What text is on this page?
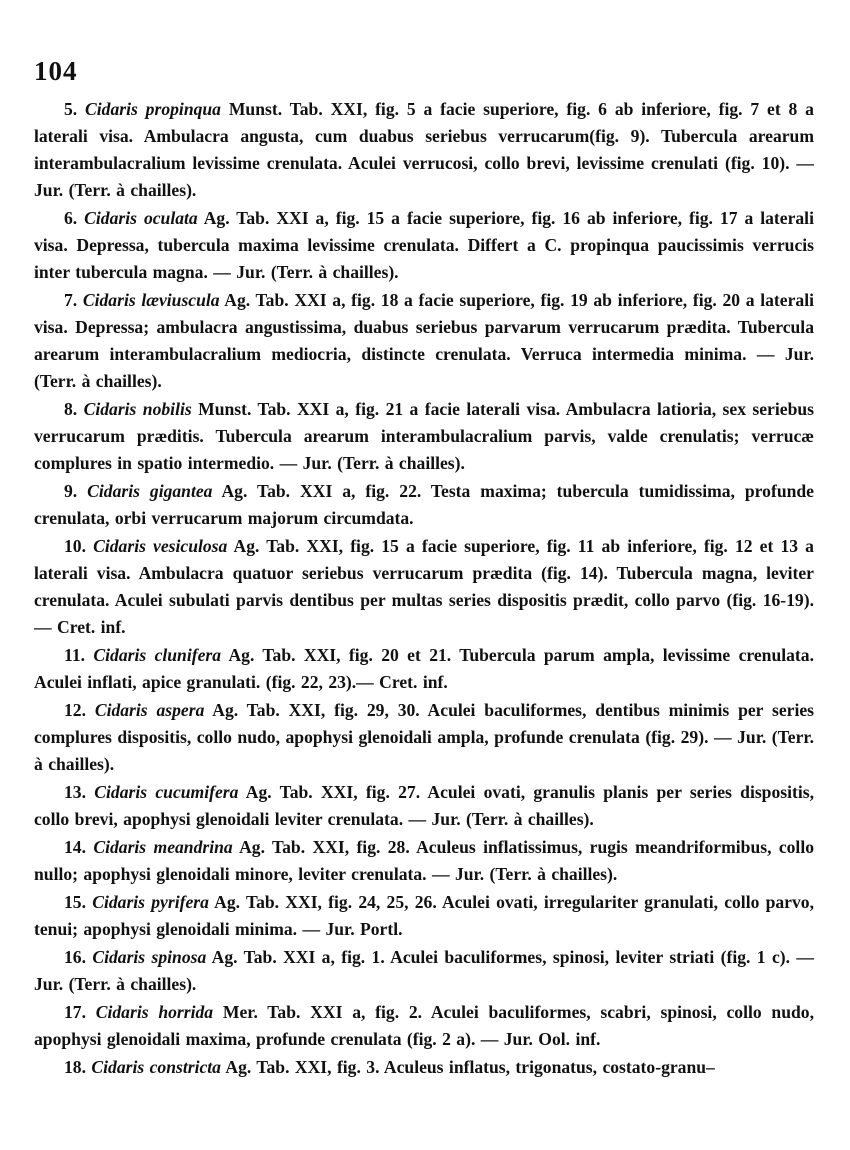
104

5. Cidaris propinqua Munst. Tab. XXI, fig. 5 a facie superiore, fig. 6 ab inferiore, fig. 7 et 8 a laterali visa. Ambulacra angusta, cum duabus seriebus verrucarum(fig. 9). Tubercula arearum interambulacralium levissime crenulata. Aculei verrucosi, collo brevi, levissime crenulati (fig. 10). — Jur. (Terr. à chailles).

6. Cidaris oculata Ag. Tab. XXI a, fig. 15 a facie superiore, fig. 16 ab inferiore, fig. 17 a laterali visa. Depressa, tubercula maxima levissime crenulata. Differt a C. propinqua paucissimis verrucis inter tubercula magna. — Jur. (Terr. à chailles).

7. Cidaris læviuscula Ag. Tab. XXI a, fig. 18 a facie superiore, fig. 19 ab inferiore, fig. 20 a laterali visa. Depressa; ambulacra angustissima, duabus seriebus parvarum verrucarum prædita. Tubercula arearum interambulacralium mediocria, distincte crenulata. Verruca intermedia minima. — Jur. (Terr. à chailles).

8. Cidaris nobilis Munst. Tab. XXI a, fig. 21 a facie laterali visa. Ambulacra latioria, sex seriebus verrucarum præditis. Tubercula arearum interambulacralium parvis, valde crenulatis; verrucæ complures in spatio intermedio. — Jur. (Terr. à chailles).

9. Cidaris gigantea Ag. Tab. XXI a, fig. 22. Testa maxima; tubercula tumidissima, profunde crenulata, orbi verrucarum majorum circumdata.

10. Cidaris vesiculosa Ag. Tab. XXI, fig. 15 a facie superiore, fig. 11 ab inferiore, fig. 12 et 13 a laterali visa. Ambulacra quatuor seriebus verrucarum prædita (fig. 14). Tubercula magna, leviter crenulata. Aculei subulati parvis dentibus per multas series dispositis prædit, collo parvo (fig. 16-19). — Cret. inf.

11. Cidaris clunifera Ag. Tab. XXI, fig. 20 et 21. Tubercula parum ampla, levissime crenulata. Aculei inflati, apice granulati. (fig. 22, 23).— Cret. inf.

12. Cidaris aspera Ag. Tab. XXI, fig. 29, 30. Aculei baculiformes, dentibus minimis per series complures dispositis, collo nudo, apophysi glenoidali ampla, profunde crenulata (fig. 29). — Jur. (Terr. à chailles).

13. Cidaris cucumifera Ag. Tab. XXI, fig. 27. Aculei ovati, granulis planis per series dispositis, collo brevi, apophysi glenoidali leviter crenulata. — Jur. (Terr. à chailles).

14. Cidaris meandrina Ag. Tab. XXI, fig. 28. Aculeus inflatissimus, rugis meandriformibus, collo nullo; apophysi glenoidali minore, leviter crenulata. — Jur. (Terr. à chailles).

15. Cidaris pyrifera Ag. Tab. XXI, fig. 24, 25, 26. Aculei ovati, irregulariter granulati, collo parvo, tenui; apophysi glenoidali minima. — Jur. Portl.

16. Cidaris spinosa Ag. Tab. XXI a, fig. 1. Aculei baculiformes, spinosi, leviter striati (fig. 1 c). — Jur. (Terr. à chailles).

17. Cidaris horrida Mer. Tab. XXI a, fig. 2. Aculei baculiformes, scabri, spinosi, collo nudo, apophysi glenoidali maxima, profunde crenulata (fig. 2 a). — Jur. Ool. inf.

18. Cidaris constricta Ag. Tab. XXI, fig. 3. Aculeus inflatus, trigonatus, costato-granu–
